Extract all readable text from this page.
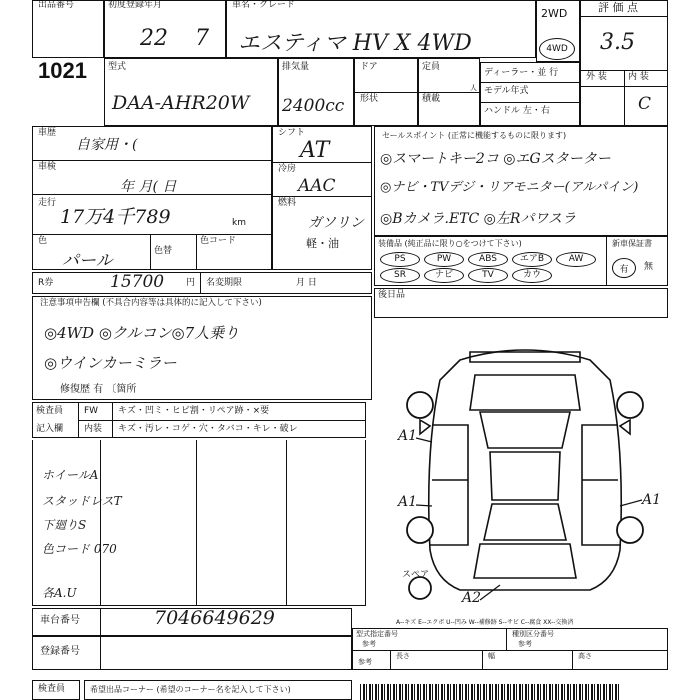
出品番号
1021
初度登録年月
22 7
車名・グレード
エスティマ HV X 4WD
2WD
4WD
評 価 点
3.5
外 装 内 装
C
型式
DAA-AHR20W
排気量
2400cc
ドア
形状
定員
人
積載
ディーラー・並 行
モデル年式
ハンドル 左・右
車歴
自家用・(
車検
年 月( 日
走行
17万4千789	km
色
パール	色替
色コード
R券	15700 円 名変期限	月 日
シフト
AT
冷房
AAC
燃料
ガソリン
軽・油
セールスポイント (正常に機能するものに限ります)
◎スマートキー2コ ◎エGスターター
◎ナビ・TVデジ・リアモニター(アルパイン)
◎Bカメラ.ETC ◎左Rパワスラ
装備品 (純正品に限り○をつけて下さい)	新車保証書
PS	PW	ABS	エアB	AW
SR	ナビ	TV	カウ
有	無
注意事項申告欄 (不具合内容等は具体的に記入して下さい)
◎4WD ◎クルコン◎7人乗り
◎ウインカーミラー
修復歴 有 〔箇所
後日品
検査員
記入欄
FW キズ・凹ミ・ヒビ割・リペア跡・×要
内装 キズ・汚レ・コゲ・穴・タバコ・キレ・破レ
ホイールA
スタッドレスT
下廻りS
色コード 070
各A.U
A1
A1	A1
A2
スペア
A--キズ E--エクボ U--凹み W--補修跡 S--サビ C--腐食 XX--交換済
車台番号	7046649629
登録番号
型式指定番号
参考
種別区分番号
参考
参考
長さ	幅	高さ
検査員	希望出品コーナー (希望のコーナー名を記入して下さい)
